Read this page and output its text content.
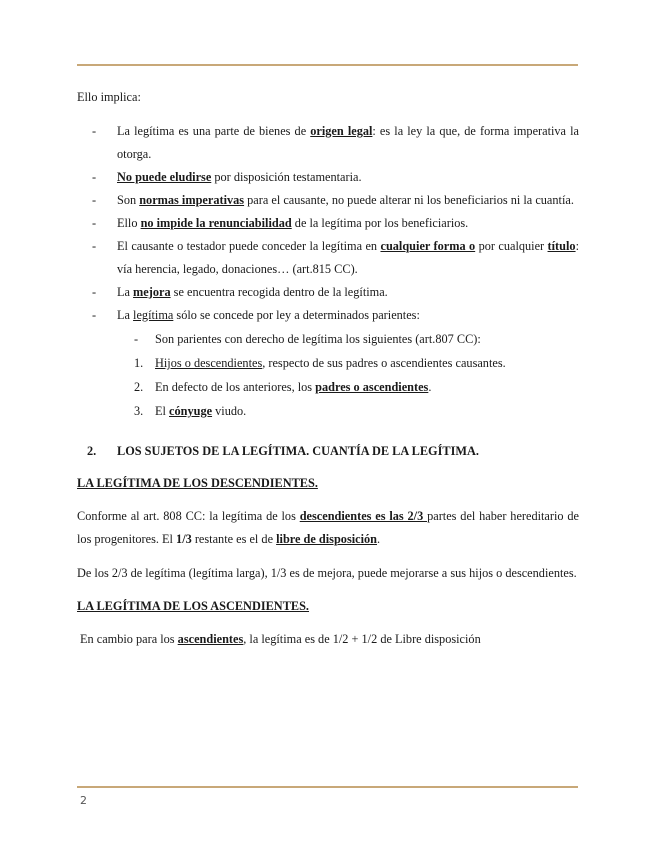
Ello implica:

- La legítima es una parte de bienes de origen legal: es la ley la que, de forma imperativa la otorga.
- No puede eludirse por disposición testamentaria.
- Son normas imperativas para el causante, no puede alterar ni los beneficiarios ni la cuantía.
- Ello no impide la renunciabilidad de la legítima por los beneficiarios.
- El causante o testador puede conceder la legítima en cualquier forma o por cualquier título: vía herencia, legado, donaciones… (art.815 CC).
- La mejora se encuentra recogida dentro de la legítima.
- La legítima sólo se concede por ley a determinados parientes:
- Son parientes con derecho de legítima los siguientes (art.807 CC):
1. Hijos o descendientes, respecto de sus padres o ascendientes causantes.
2. En defecto de los anteriores, los padres o ascendientes.
3. El cónyuge viudo.
2. LOS SUJETOS DE LA LEGÍTIMA. CUANTÍA DE LA LEGÍTIMA.

LA LEGÍTIMA DE LOS DESCENDIENTES.

Conforme al art. 808 CC: la legítima de los descendientes es las 2/3 partes del haber hereditario de los progenitores. El 1/3 restante es el de libre de disposición.

De los 2/3 de legítima (legítima larga), 1/3 es de mejora, puede mejorarse a sus hijos o descendientes.

LA LEGÍTIMA DE LOS ASCENDIENTES.

En cambio para los ascendientes, la legítima es de 1/2 + 1/2 de Libre disposición

2
